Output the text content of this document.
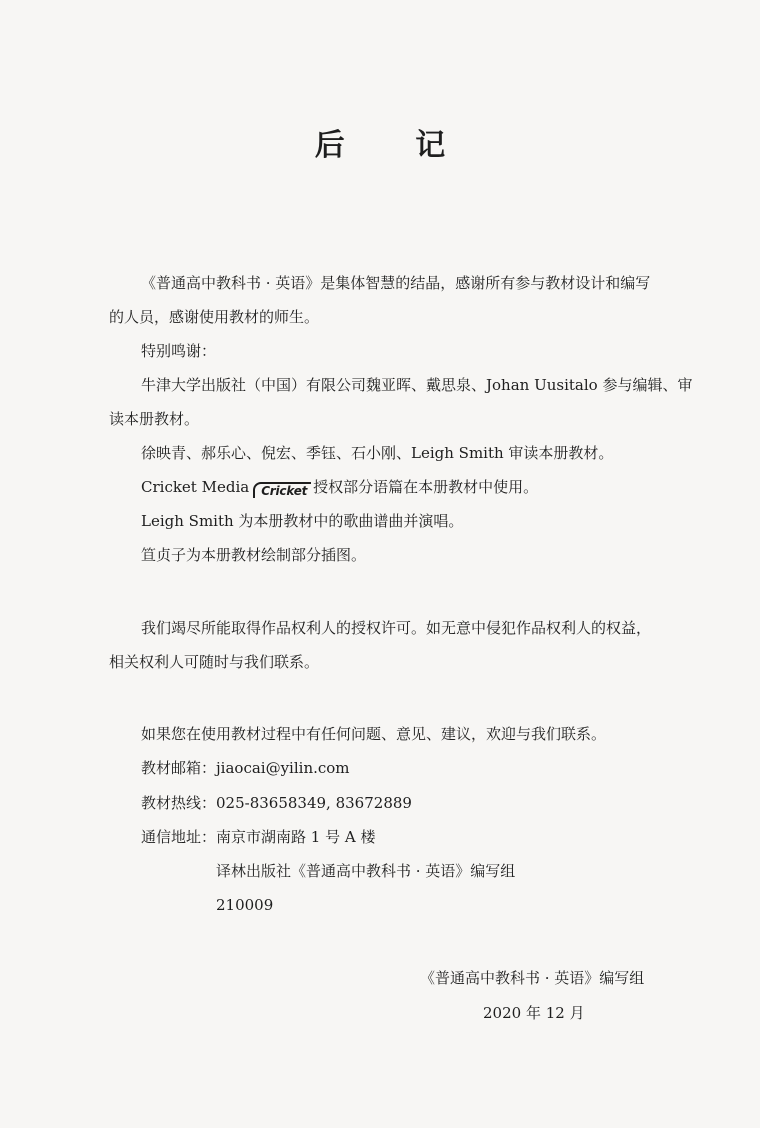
后 记

《普通高中教科书 · 英语》是集体智慧的结晶，感谢所有参与教材设计和编写

的人员，感谢使用教材的师生。

特别鸣谢：

牛津大学出版社（中国）有限公司魏亚晖、戴思泉、Johan Uusitalo 参与编辑、审

读本册教材。

徐映青、郝乐心、倪宏、季钰、石小刚、Leigh Smith 审读本册教材。

Cricket Media Cricket 授权部分语篇在本册教材中使用。

Leigh Smith 为本册教材中的歌曲谱曲并演唱。

笪贞子为本册教材绘制部分插图。

我们竭尽所能取得作品权利人的授权许可。如无意中侵犯作品权利人的权益，

相关权利人可随时与我们联系。

如果您在使用教材过程中有任何问题、意见、建议，欢迎与我们联系。

教材邮箱：jiaocai@yilin.com

教材热线：025-83658349, 83672889

通信地址：南京市湖南路 1 号 A 楼

译林出版社《普通高中教科书 · 英语》编写组

210009

《普通高中教科书 · 英语》编写组

2020 年 12 月
